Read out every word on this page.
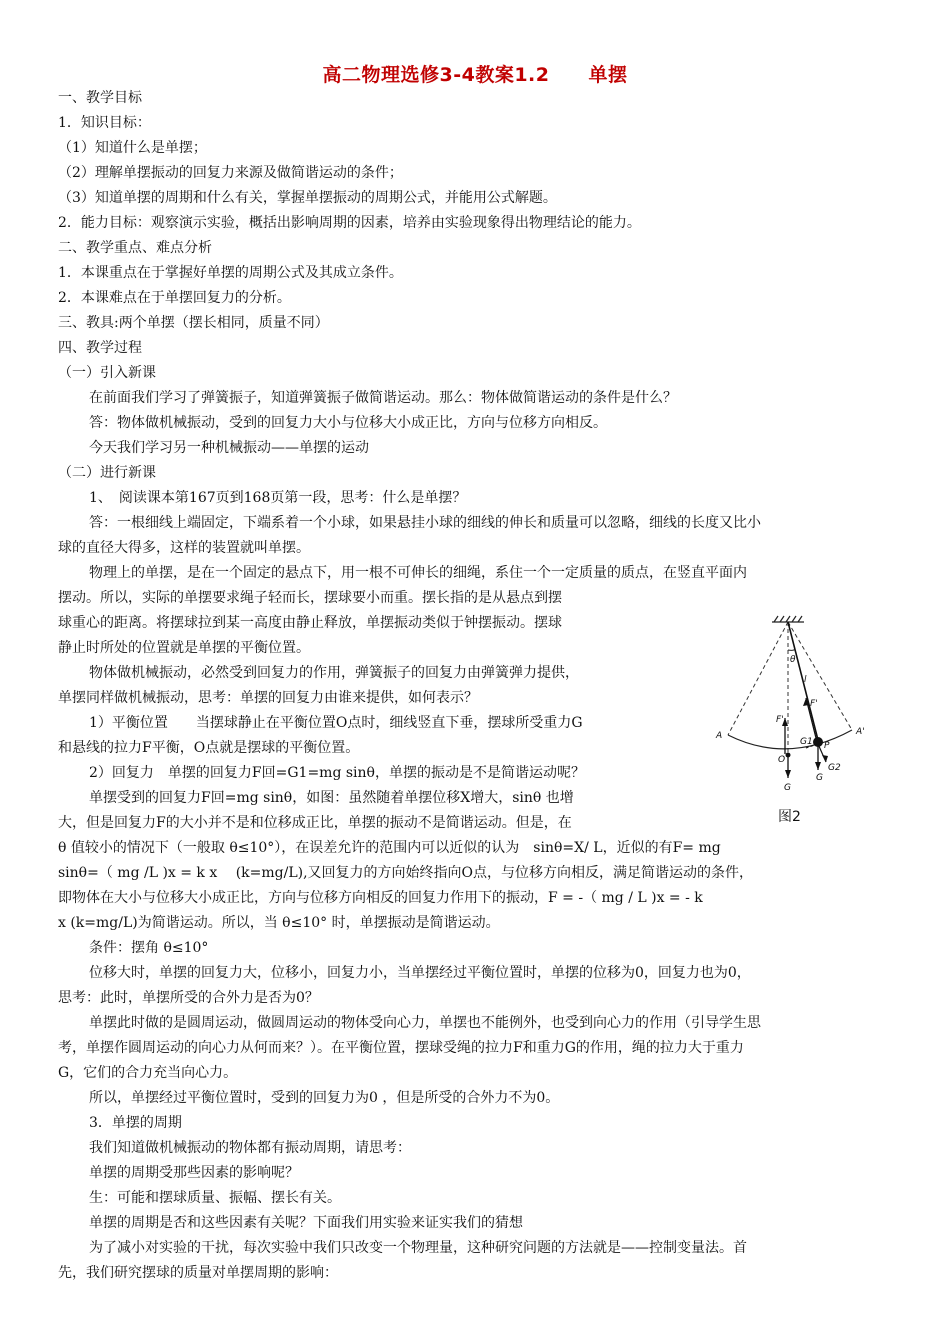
高二物理选修3-4教案1.2　　单摆
一、教学目标
1．知识目标：
（1）知道什么是单摆；
（2）理解单摆振动的回复力来源及做简谐运动的条件；
（3）知道单摆的周期和什么有关，掌握单摆振动的周期公式，并能用公式解题。
2．能力目标：观察演示实验，概括出影响周期的因素，培养由实验现象得出物理结论的能力。
二、教学重点、难点分析
1．本课重点在于掌握好单摆的周期公式及其成立条件。
2．本课难点在于单摆回复力的分析。
三、教具:两个单摆（摆长相同，质量不同）
四、教学过程
（一）引入新课
在前面我们学习了弹簧振子，知道弹簧振子做简谐运动。那么：物体做简谐运动的条件是什么？
答：物体做机械振动，受到的回复力大小与位移大小成正比，方向与位移方向相反。
今天我们学习另一种机械振动——单摆的运动
（二）进行新课
1、　阅读课本第167页到168页第一段，思考：什么是单摆？
答：一根细线上端固定，下端系着一个小球，如果悬挂小球的细线的伸长和质量可以忽略，细线的长度又比小
球的直径大得多，这样的装置就叫单摆。
物理上的单摆，是在一个固定的悬点下，用一根不可伸长的细绳，系住一个一定质量的质点，在竖直平面内
摆动。所以，实际的单摆要求绳子轻而长，摆球要小而重。摆长指的是从悬点到摆
球重心的距离。将摆球拉到某一高度由静止释放，单摆振动类似于钟摆振动。摆球
静止时所处的位置就是单摆的平衡位置。
物体做机械振动，必然受到回复力的作用，弹簧振子的回复力由弹簧弹力提供，
单摆同样做机械振动，思考：单摆的回复力由谁来提供，如何表示？
1）平衡位置　　当摆球静止在平衡位置O点时，细线竖直下垂，摆球所受重力G
和悬线的拉力F平衡，O点就是摆球的平衡位置。
2）回复力　单摆的回复力F回=G1=mg sinθ，单摆的振动是不是简谐运动呢？
单摆受到的回复力F回=mg sinθ，如图：虽然随着单摆位移X增大，sinθ 也增
大，但是回复力F的大小并不是和位移成正比，单摆的振动不是简谐运动。但是，在
θ 值较小的情况下（一般取 θ≤10°），在误差允许的范围内可以近似的认为　sinθ=X/ L，近似的有F= mg
sinθ=（ mg /L )x = k x　 (k=mg/L),又回复力的方向始终指向O点，与位移方向相反，满足简谐运动的条件，
即物体在大小与位移大小成正比，方向与位移方向相反的回复力作用下的振动，F = -（ mg / L )x = - k
x (k=mg/L)为简谐运动。所以，当 θ≤10° 时，单摆振动是简谐运动。
条件：摆角 θ≤10°
位移大时，单摆的回复力大，位移小，回复力小，当单摆经过平衡位置时，单摆的位移为0，回复力也为0，
思考：此时，单摆所受的合外力是否为0？
单摆此时做的是圆周运动，做圆周运动的物体受向心力，单摆也不能例外，也受到向心力的作用（引导学生思
考，单摆作圆周运动的向心力从何而来？）。在平衡位置，摆球受绳的拉力F和重力G的作用，绳的拉力大于重力
G，它们的合力充当向心力。
所以，单摆经过平衡位置时，受到的回复力为0 ，但是所受的合外力不为0。
3．单摆的周期
我们知道做机械振动的物体都有振动周期，请思考：
单摆的周期受那些因素的影响呢？
生：可能和摆球质量、振幅、摆长有关。
单摆的周期是否和这些因素有关呢？下面我们用实验来证实我们的猜想
为了减小对实验的干扰，每次实验中我们只改变一个物理量，这种研究问题的方法就是——控制变量法。首
先，我们研究摆球的质量对单摆周期的影响：
θ
l
F'
F'
A	A'
O
G1 P
G2
G
G
图2
